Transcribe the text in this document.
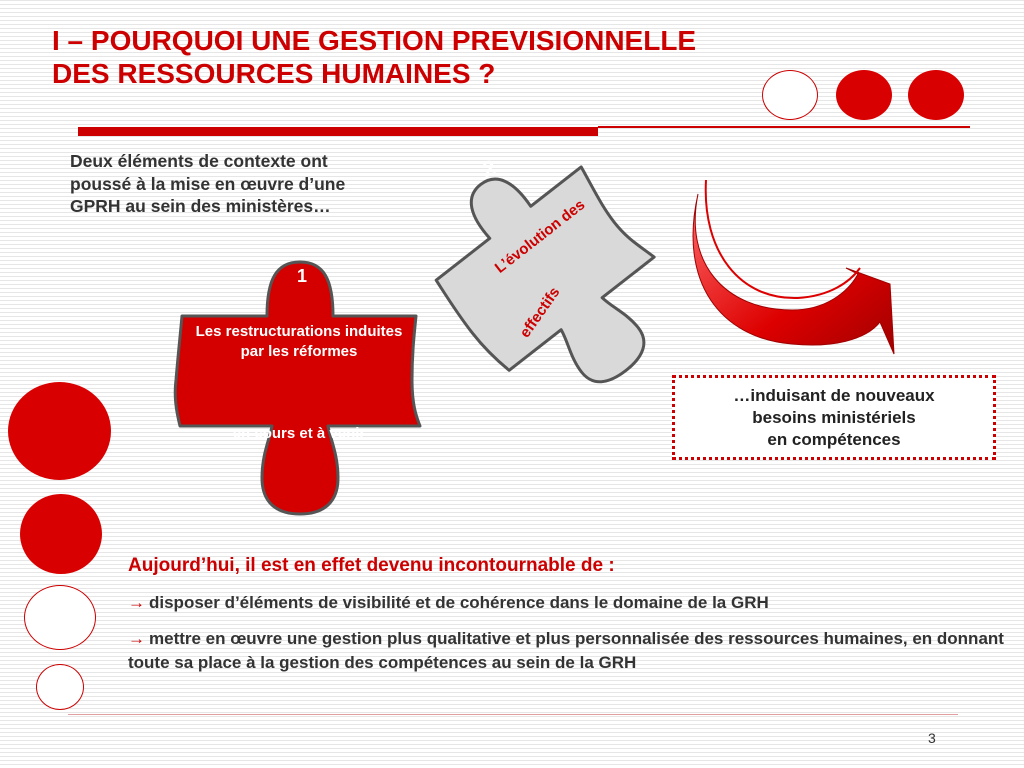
I – POURQUOI UNE GESTION PREVISIONNELLE
DES RESSOURCES HUMAINES ?

Deux éléments de contexte ont poussé à la mise en œuvre d’une GPRH au sein des ministères…

1
Les restructurations induites par les réformes
en cours et à venir
2
L’évolution des
effectifs
…induisant de nouveaux
besoins ministériels
en compétences

Aujourd’hui, il est en effet devenu incontournable de :

→ disposer d’éléments de visibilité et de cohérence dans le domaine de la GRH

→ mettre en œuvre une gestion plus qualitative et plus personnalisée des ressources humaines, en donnant toute sa place à la gestion des compétences au sein de la GRH

3
